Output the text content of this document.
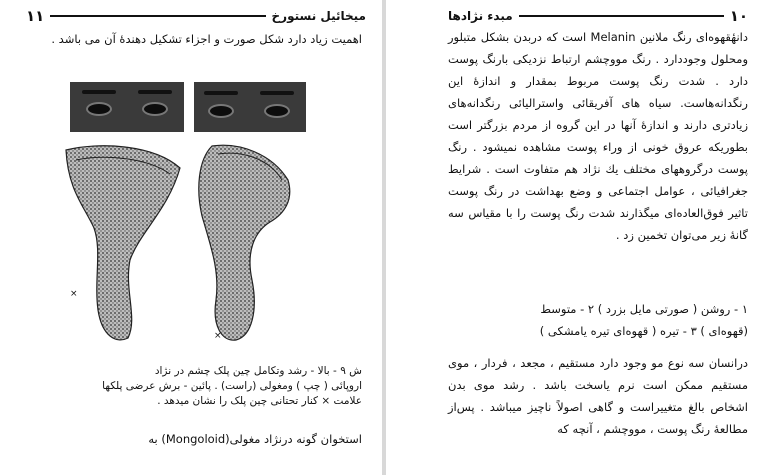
میخائیل نستورخ
۱۱

اهمیت زیاد دارد شکل صورت و اجزاء تشکیل دهندهٔ آن می باشد .

×
×
ش ۹ - بالا - رشد وتکامل چین پلک چشم در نژاد
اروپائی ( چپ ) ومغولی (راست) . پائین - برش عرضی پلکها
علامت × کنار تحتانی چین پلک را نشان میدهد .

استخوان گونه درنژاد مغولی(Mongoloid) به

۱۰
مبدء نژادها

دانهٔقهوه‌ای رنگ ملانین Melanin است که دربدن بشکل متبلور ومحلول وجوددارد . رنگ مووچشم ارتباط نزدیکی بارنگ پوست دارد . شدت رنگ پوست مربوط بمقدار و اندازهٔ این رنگدانه‌هاست. سیاه های آفریقائی واسترالیائی رنگدانه‌های زیادتری دارند و اندازهٔ آنها در این گروه از مردم بزرگتر است بطوریکه عروق خونی از وراء پوست مشاهده نمیشود . رنگ پوست درگروههای مختلف یك نژاد هم متفاوت است . شرایط جغرافیائی ، عوامل اجتماعی و وضع بهداشت در رنگ پوست تاثیر فوق‌العاده‌ای میگذارند شدت رنگ پوست را با مقیاس سه گانهٔ زیر می‌توان تخمین زد .

۱ - روشن ( صورتی مایل بزرد ) ۲ - متوسط
(قهوه‌ای ) ۳ - تیره ( قهوه‌ای تیره یامشکی )

درانسان سه نوع مو وجود دارد مستقیم ، مجعد ، فردار ، موی مستقیم ممکن است نرم یاسخت باشد . رشد موی بدن اشخاص بالغ متغییراست و گاهی اصولاً ناچیز میباشد . پس‌از مطالعهٔ رنگ پوست ، مووچشم ، آنچه که
